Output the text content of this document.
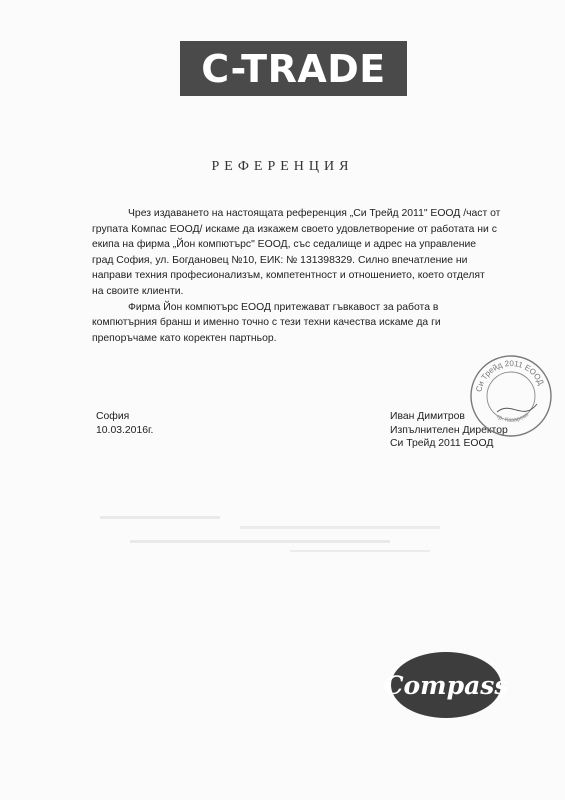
C-TRADE
РЕФЕРЕНЦИЯ

Чрез издаването на настоящата референция „Си Трейд 2011" ЕООД /част от
групата Компас ЕООД/ искаме да изкажем своето удовлетворение от работата ни с
екипа на фирма „Йон компютърс" ЕООД, със седалище и адрес на управление
град София, ул. Богдановец №10, ЕИК: № 131398329. Силно впечатление ни
направи техния професионализъм, компетентност и отношението, което отделят
на своите клиенти.

Фирма Йон компютърс ЕООД притежават гъвкавост за работа в
компютърния бранш и именно точно с тези техни качества искаме да ги
препоръчаме като коректен партньор.

София
10.03.2016г.
Иван Димитров
Изпълнителен Директор
Си Трейд 2011 ЕООД
Си Трейд 2011 ЕООД
гр. Казарево
Compass
